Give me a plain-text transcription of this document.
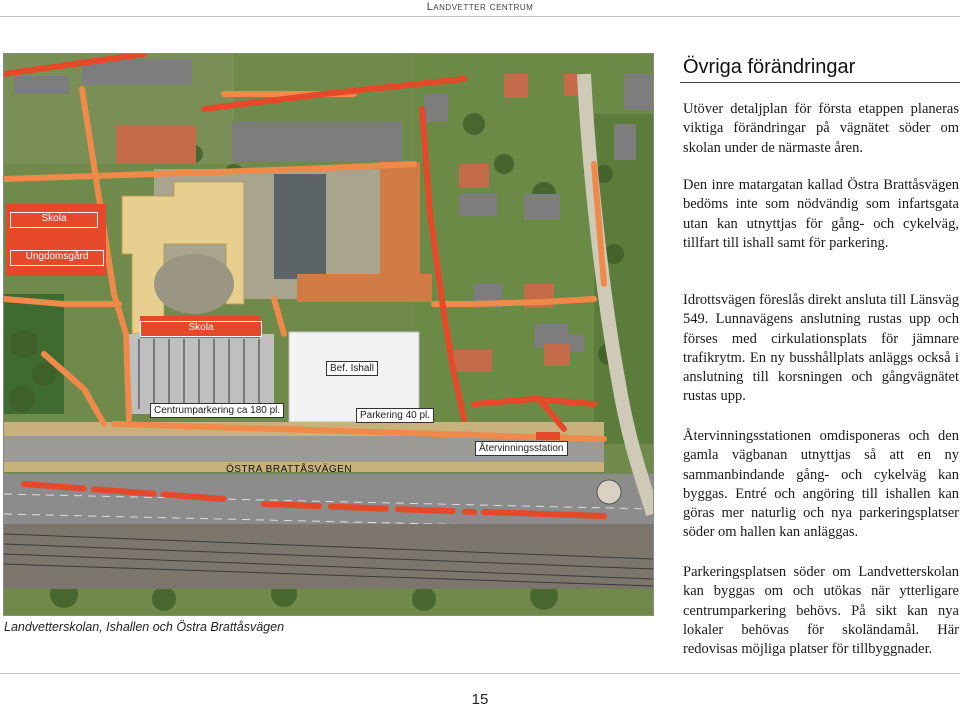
Landvetter centrum
Skola
Ungdomsgård
Skola
Centrumparkering ca 180 pl.
Bef. Ishall
Parkering 40 pl.
Återvinningsstation
ÖSTRA BRATTÅSVÄGEN
Landvetterskolan, Ishallen och Östra Brattåsvägen
Övriga förändringar

Utöver detaljplan för första etappen planeras viktiga förändringar på vägnätet söder om skolan under de närmaste åren.

Den inre matargatan kallad Östra Brattåsvägen bedöms inte som nödvändig som infartsgata utan kan utnyttjas för gång- och cykelväg, tillfart till ishall samt för parkering.

Idrottsvägen föreslås direkt ansluta till Länsväg 549. Lunnavägens anslutning rustas upp och förses med cirkulationsplats för jämnare trafikrytm. En ny busshållplats anläggs också i anslutning till korsningen och gångvägnätet rustas upp.

Återvinningsstationen omdisponeras och den gamla vägbanan utnyttjas så att en ny sammanbindande gång- och cykelväg kan byggas. Entré och angöring till ishallen kan göras mer naturlig och nya parkeringsplatser söder om hallen kan anläggas.

Parkeringsplatsen söder om Landvetterskolan kan byggas om och utökas när ytterligare centrumparkering behövs. På sikt kan nya lokaler behövas för skoländamål. Här redovisas möjliga platser för tillbyggnader.

15
